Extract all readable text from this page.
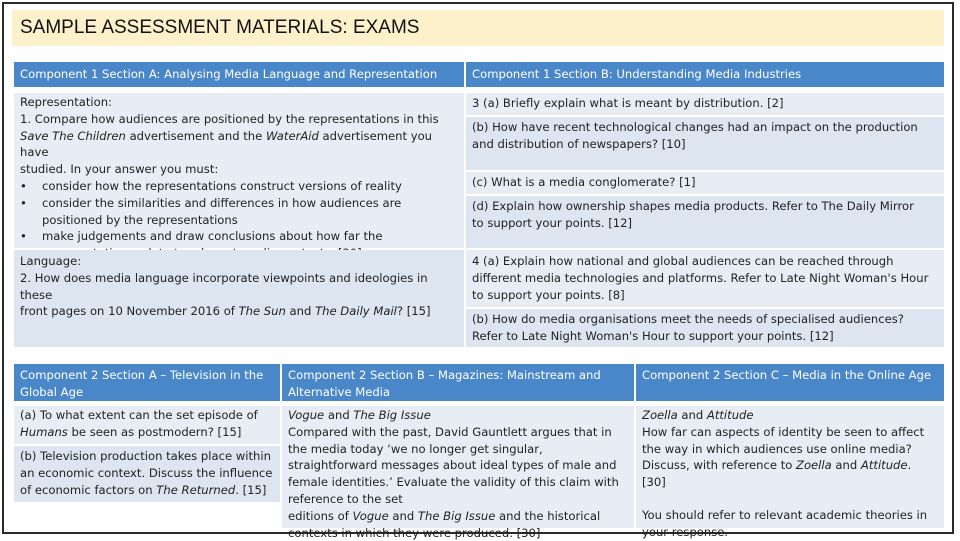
SAMPLE ASSESSMENT MATERIALS: EXAMS
Component 1 Section A: Analysing Media Language and Representation
Representation:
1. Compare how audiences are positioned by the representations in this
Save The Children advertisement and the WaterAid advertisement you have
studied. In your answer you must:
• consider how the representations construct versions of reality
• consider the similarities and differences in how audiences are positioned by the representations
• make judgements and draw conclusions about how far the
Language:
2. How does media language incorporate viewpoints and ideologies in these
front pages on 10 November 2016 of The Sun and The Daily Mail? [15]
Component 1 Section B: Understanding Media Industries
3 (a) Briefly explain what is meant by distribution. [2]
(b) How have recent technological changes had an impact on the production and distribution of newspapers? [10]
(c) What is a media conglomerate? [1]
(d) Explain how ownership shapes media products. Refer to The Daily Mirror to support your points. [12]
4 (a) Explain how national and global audiences can be reached through different media technologies and platforms. Refer to Late Night Woman's Hour to support your points. [8]
(b) How do media organisations meet the needs of specialised audiences? Refer to Late Night Woman's Hour to support your points. [12]
Component 2 Section A – Television in the Global Age
(a) To what extent can the set episode of Humans be seen as postmodern? [15]
(b) Television production takes place within an economic context. Discuss the influence of economic factors on The Returned. [15]
Component 2 Section B – Magazines: Mainstream and Alternative Media
Vogue and The Big Issue
Compared with the past, David Gauntlett argues that in the media today ‘we no longer get singular, straightforward messages about ideal types of male and female identities.’ Evaluate the validity of this claim with reference to the set
editions of Vogue and The Big Issue and the historical
contexts in which they were produced. [30]
Component 2 Section C – Media in the Online Age
Zoella and Attitude
How far can aspects of identity be seen to affect the way in which audiences use online media? Discuss, with reference to Zoella and Attitude. [30]
You should refer to relevant academic theories in your response.
